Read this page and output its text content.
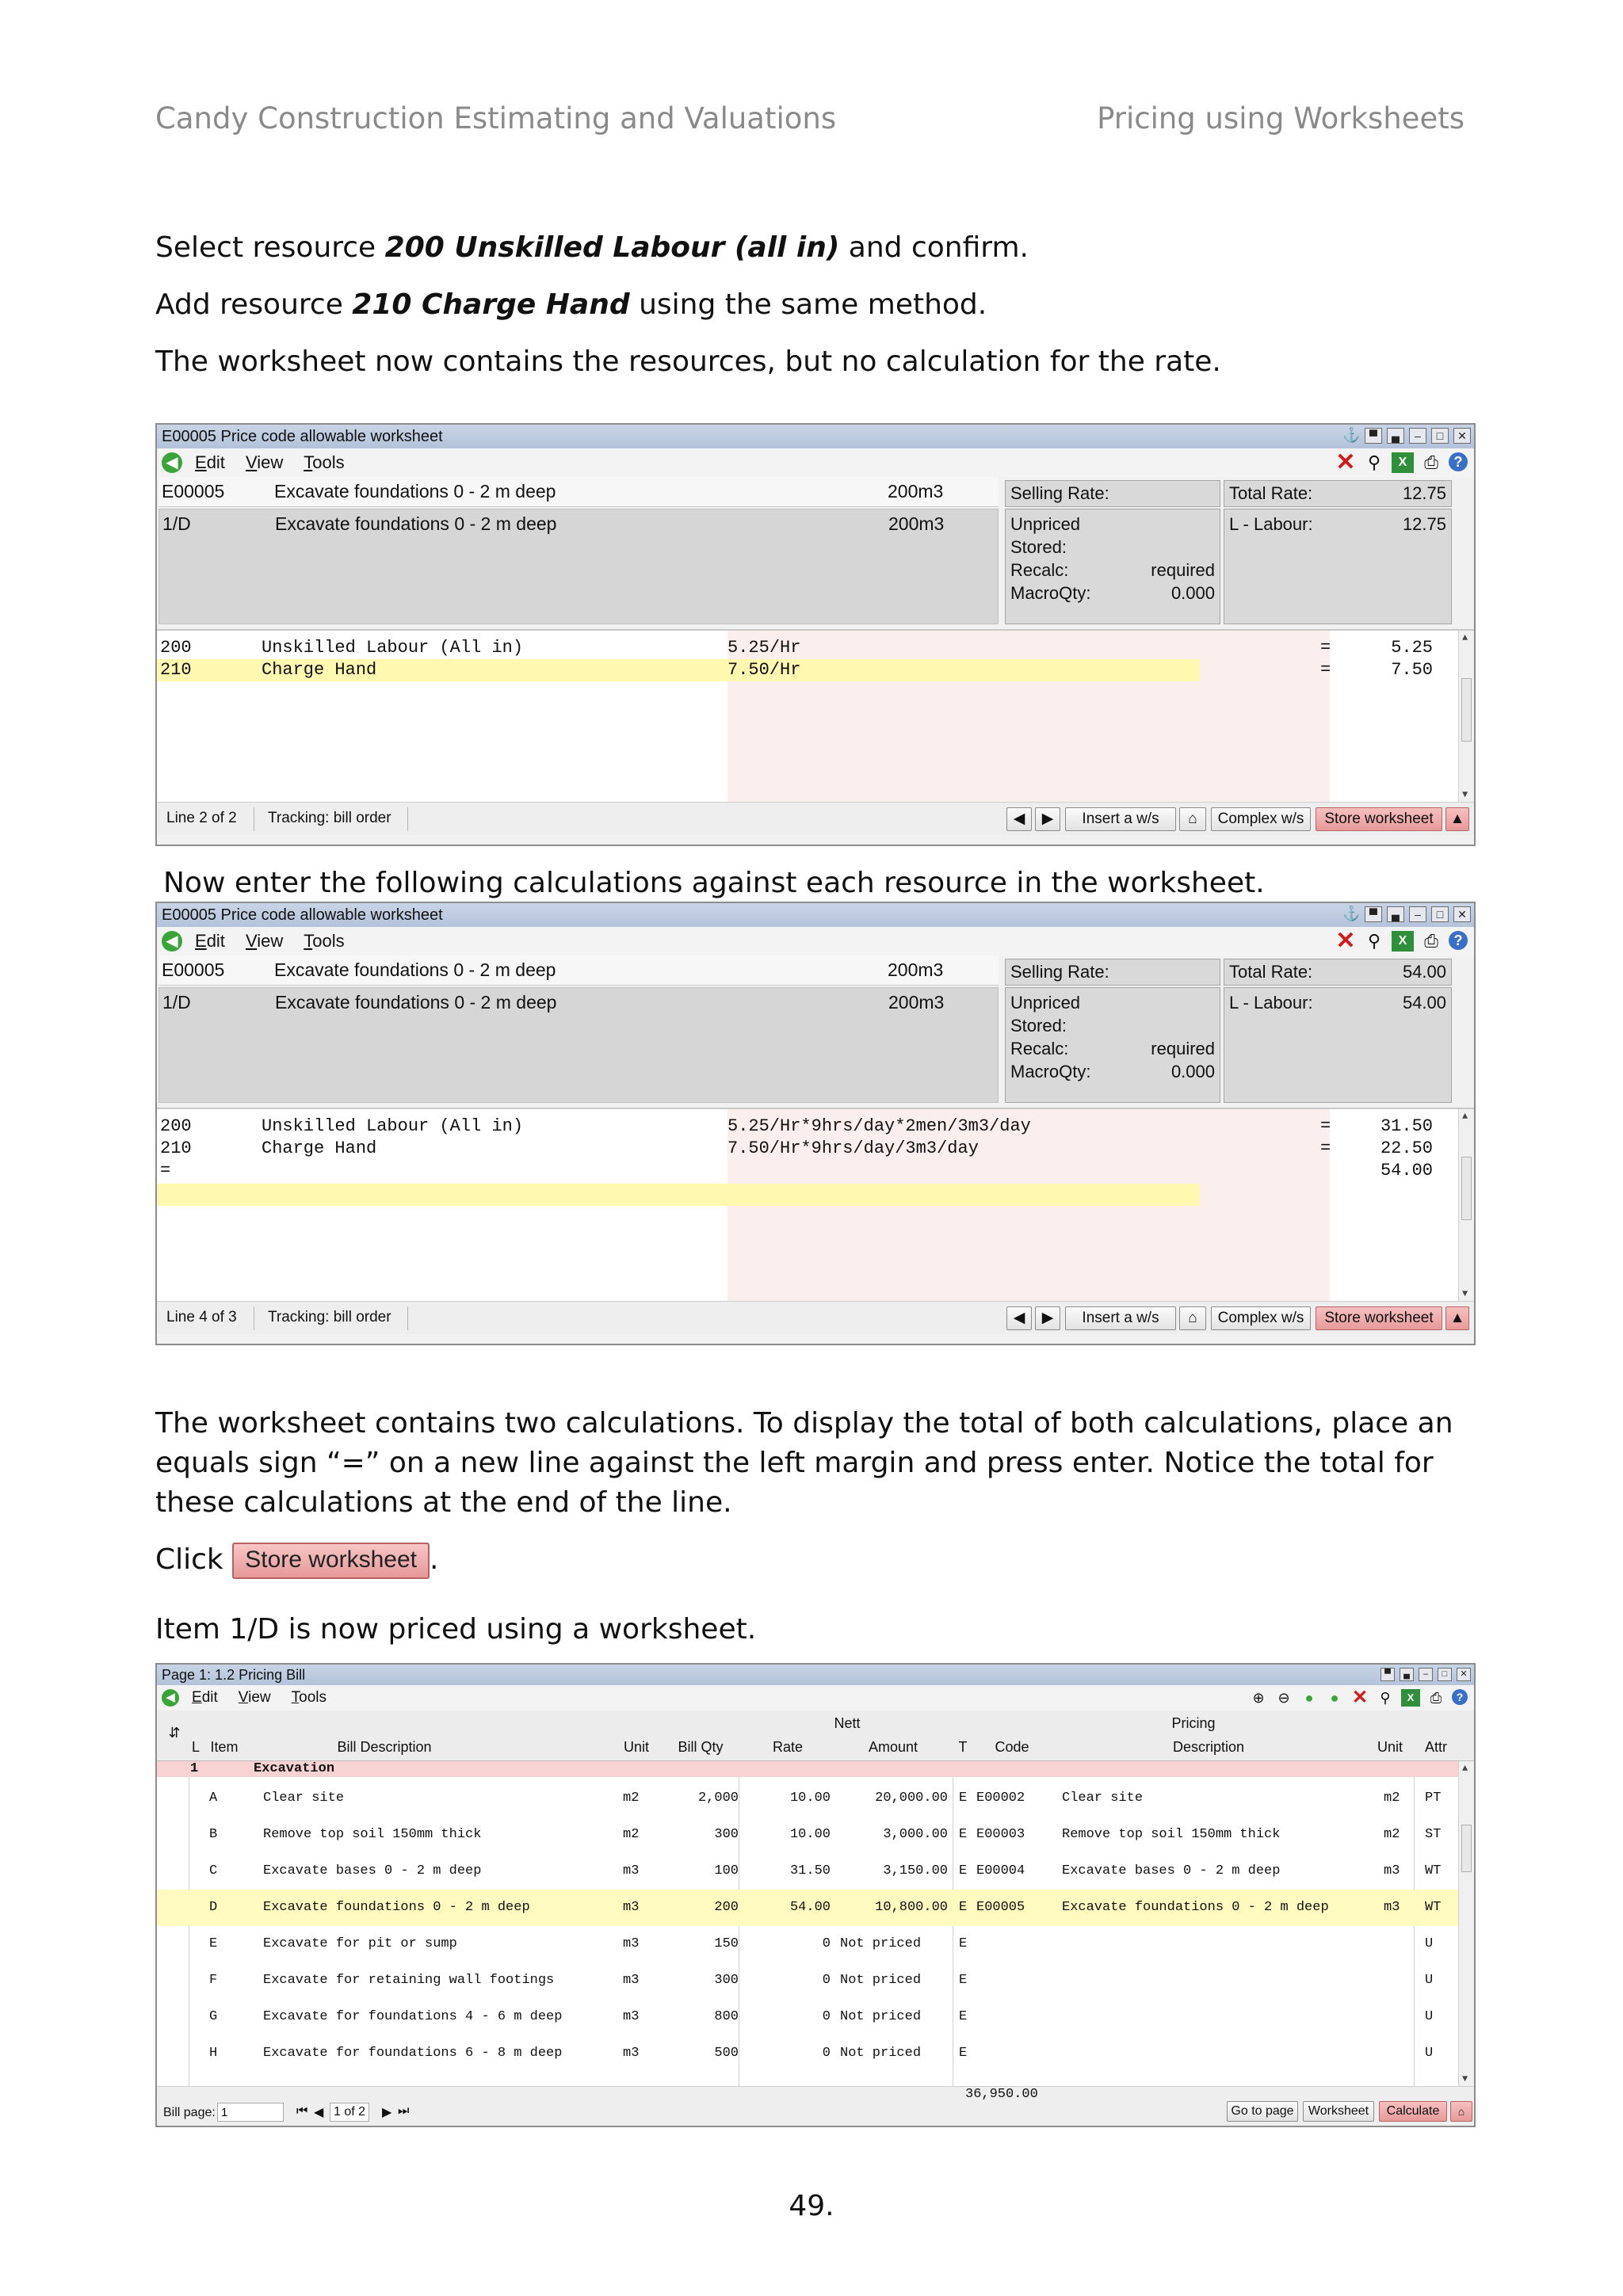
Candy Construction Estimating and Valuations	Pricing using Worksheets
Select resource 200 Unskilled Labour (all in) and confirm.
Add resource 210 Charge Hand using the same method.
The worksheet now contains the resources, but no calculation for the rate.
E00005 Price code allowable worksheet	⚓ ▀	▄	–	□	✕
◀ Edit View Tools	✕ ⚲	X ⎙	?
E00005	Excavate foundations 0 - 2 m deep	200m3
1/D	Excavate foundations 0 - 2 m deep	200m3
Selling Rate:
Unpriced
Stored:
Recalc:	required
MacroQty:	0.000
Total Rate:	12.75
L - Labour:	12.75
200	Unskilled Labour (All in)	5.25/Hr	=	5.25
210	Charge Hand	7.50/Hr	=	7.50
▲
▼
Line 2 of 2 Tracking: bill order	◀	▶	Insert a w/s	⌂	Complex w/s	Store worksheet	▲
Now enter the following calculations against each resource in the worksheet.
E00005 Price code allowable worksheet	⚓ ▀	▄	–	□	✕
◀ Edit View Tools	✕ ⚲	X ⎙	?
E00005	Excavate foundations 0 - 2 m deep	200m3
1/D	Excavate foundations 0 - 2 m deep	200m3
Selling Rate:
Unpriced
Stored:
Recalc:	required
MacroQty:	0.000
Total Rate:	54.00
L - Labour:	54.00
200	Unskilled Labour (All in)	5.25/Hr*9hrs/day*2men/3m3/day	=	31.50
210	Charge Hand	7.50/Hr*9hrs/day/3m3/day	=	22.50
=	54.00
▲
▼
Line 4 of 3 Tracking: bill order	◀	▶	Insert a w/s	⌂	Complex w/s	Store worksheet	▲
The worksheet contains two calculations. To display the total of both calculations, place an equals sign “=” on a new line against the left margin and press enter. Notice the total for these calculations at the end of the line.
Click Store worksheet .
Item 1/D is now priced using a worksheet.
Page 1: 1.2 Pricing Bill	▀	▄	–	□	✕
◀ Edit View Tools	⊕ ⊖	●	● ✕ ⚲	X	⎙	?
⇵
Nett	Pricing
L Item	Bill Description	Unit	Bill Qty	Rate	Amount	T	Code	Description	Unit	Attr
1	Excavation
A	Clear site	m2	2,000	10.00	20,000.00 E E00002	Clear site	m2 PT
B	Remove top soil 150mm thick	m2	300	10.00	3,000.00 E E00003	Remove top soil 150mm thick	m2 ST
C	Excavate bases 0 - 2 m deep	m3	100	31.50	3,150.00 E E00004	Excavate bases 0 - 2 m deep	m3 WT
D	Excavate foundations 0 - 2 m deep	m3	200	54.00	10,800.00 E E00005	Excavate foundations 0 - 2 m deep	m3 WT
E	Excavate for pit or sump	m3	150	0 Not priced	E	U
F	Excavate for retaining wall footings	m3	300	0 Not priced	E	U
G	Excavate for foundations 4 - 6 m deep	m3	800	0 Not priced	E	U
H	Excavate for foundations 6 - 8 m deep	m3	500	0 Not priced	E	U
▲
▼
36,950.00
Bill page:
1	⏮ ◀ 1 of 2	▶ ⏭	Go to page	Worksheet	Calculate	⌂
49.
